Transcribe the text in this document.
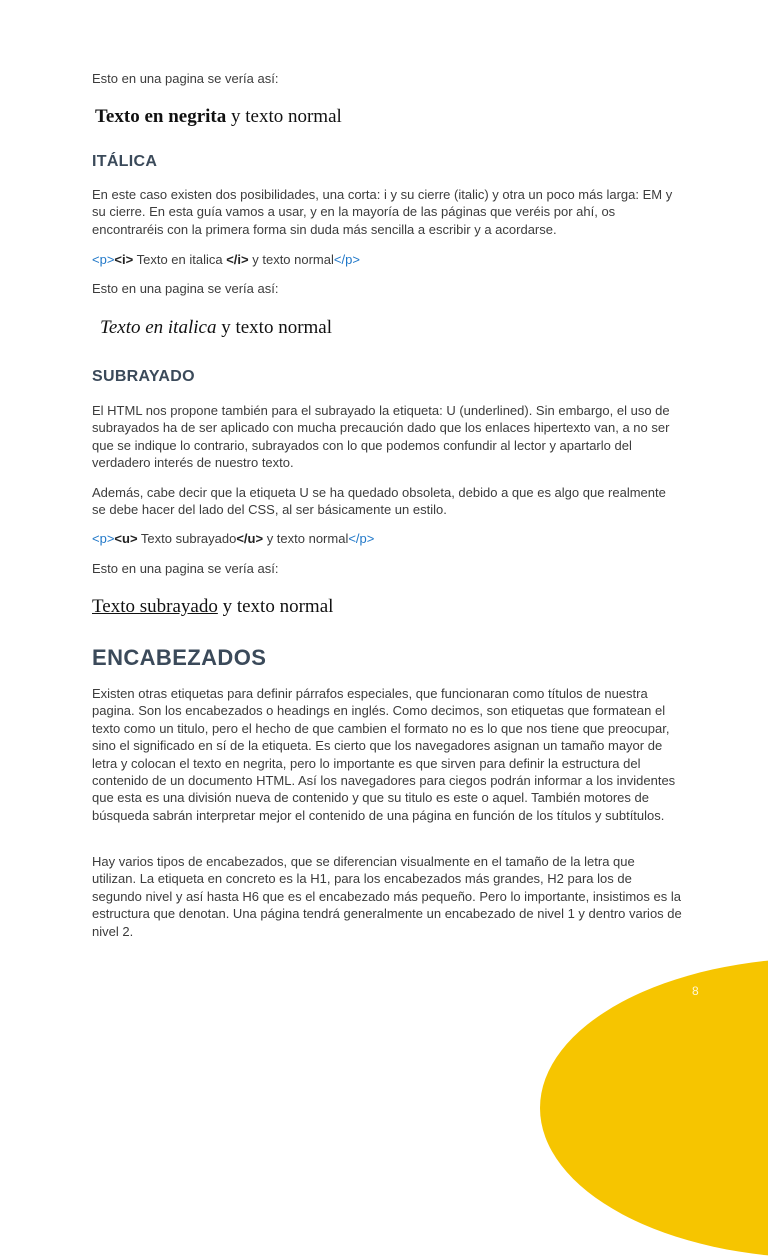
Esto en una pagina se vería así:
Texto en negrita y texto normal
ITÁLICA
En este caso existen dos posibilidades, una corta: i y su cierre (italic) y otra un poco más larga: EM y su cierre. En esta guía vamos a usar, y en la mayoría de las páginas que veréis por ahí, os encontraréis con la primera forma sin duda más sencilla a escribir y a acordarse.
<p><i> Texto en italica </i> y texto normal</p>
Esto en una pagina se vería así:
Texto en italica y texto normal
SUBRAYADO
El HTML nos propone también para el subrayado la etiqueta: U (underlined). Sin embargo, el uso de subrayados ha de ser aplicado con mucha precaución dado que los enlaces hipertexto van, a no ser que se indique lo contrario, subrayados con lo que podemos confundir al lector y apartarlo del verdadero interés de nuestro texto.
Además, cabe decir que la etiqueta U se ha quedado obsoleta, debido a que es algo que realmente se debe hacer del lado del CSS, al ser básicamente un estilo.
<p><u> Texto subrayado</u> y texto normal</p>
Esto en una pagina se vería así:
Texto subrayado y texto normal
ENCABEZADOS
Existen otras etiquetas para definir párrafos especiales, que funcionaran como títulos de nuestra pagina. Son los encabezados o headings en inglés. Como decimos, son etiquetas que formatean el texto como un titulo, pero el hecho de que cambien el formato no es lo que nos tiene que preocupar, sino el significado en sí de la etiqueta. Es cierto que los navegadores asignan un tamaño mayor de letra y colocan el texto en negrita, pero lo importante es que sirven para definir la estructura del contenido de un documento HTML. Así los navegadores para ciegos podrán informar a los invidentes que esta es una división nueva de contenido y que su titulo es este o aquel. También motores de búsqueda sabrán interpretar mejor el contenido de una página en función de los títulos y subtítulos.
Hay varios tipos de encabezados, que se diferencian visualmente en el tamaño de la letra que utilizan. La etiqueta en concreto es la H1, para los encabezados más grandes, H2 para los de segundo nivel y así hasta H6 que es el encabezado más pequeño. Pero lo importante, insistimos es la estructura que denotan. Una página tendrá generalmente un encabezado de nivel 1 y dentro varios de nivel 2.
8
